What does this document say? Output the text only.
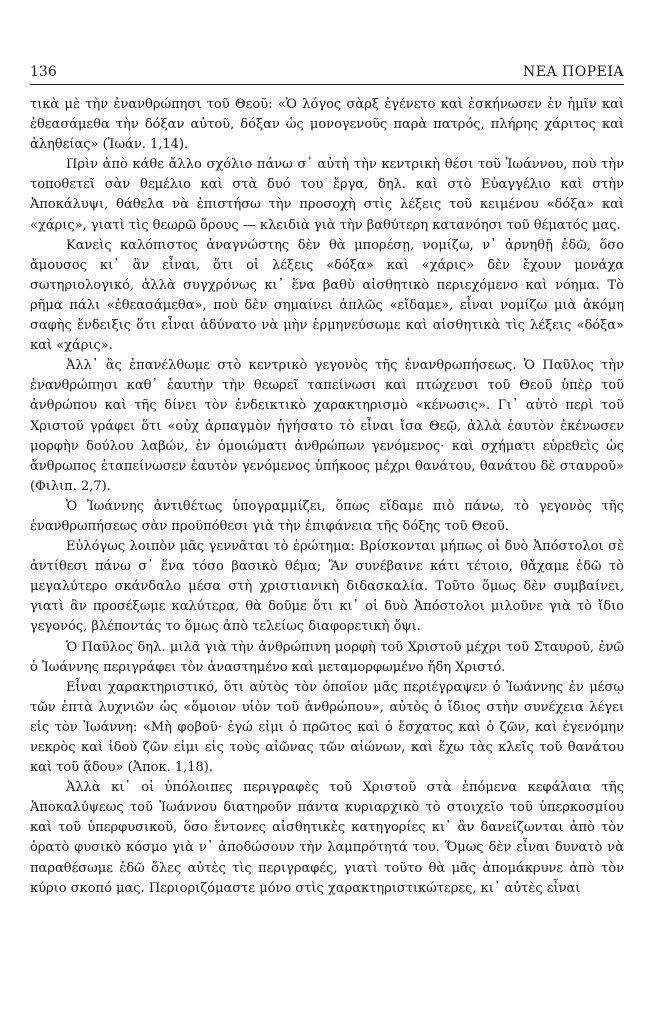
136	ΝΕΑ ΠΟΡΕΙΑ

τικὰ μὲ τὴν ἐνανθρώπησι τοῦ Θεοῦ: «Ὁ λόγος σὰρξ ἐγένετο καὶ ἐσκήνωσεν ἐν ἡμῖν καὶ ἐθεασάμεθα τὴν δόξαν αὐτοῦ, δόξαν ὡς μονογενοῦς παρὰ πατρός, πλήρης χάριτος καὶ ἀληθείας» (Ἰωάν. 1,14).

Πρὶν ἀπὸ κάθε ἄλλο σχόλιο πάνω σ᾽ αὐτὴ τὴν κεντρικὴ θέσι τοῦ Ἰωάννου, ποὺ τὴν τοποθετεῖ σὰν θεμέλιο καὶ στὰ δυό του ἔργα, δηλ. καὶ στὸ Εὐαγγέλιο καὶ στὴν Ἀποκάλυψι, θάθελα νὰ ἐπιστήσω τὴν προσοχὴ στὶς λέξεις τοῦ κειμένου «δόξα» καὶ «χάρις», γιατὶ τὶς θεωρῶ ὅρους — κλειδιὰ γιὰ τὴν βαθύτερη κατανόησι τοῦ θέματός μας.

Κανεὶς καλόπιστος ἀναγνώστης δὲν θὰ μπορέσῃ, νομίζω, ν᾽ ἀρνηθῇ ἐδῶ, ὅσο ἄμουσος κι᾽ ἂν εἶναι, ὅτι οἱ λέξεις «δόξα» καὶ «χάρις» δὲν ἔχουν μονάχα σωτηριολογικό, ἀλλὰ συγχρόνως κι᾽ ἕνα βαθὺ αἰσθητικὸ περιεχόμενο καὶ νόημα. Τὸ ρῆμα πάλι «ἐθεασάμεθα», ποὺ δὲν σημαίνει ἁπλῶς «εἴδαμε», εἶναι νομίζω μιὰ ἀκόμη σαφὴς ἔνδειξις ὅτι εἶναι ἀδύνατο νὰ μὴν ἑρμηνεύσωμε καὶ αἰσθητικὰ τὶς λέξεις «δόξα» καὶ «χάρις».

Ἀλλ᾽ ἂς ἐπανέλθωμε στὸ κεντρικὸ γεγονὸς τῆς ἐνανθρωπήσεως. Ὁ Παῦλος τὴν ἐνανθρώπησι καθ᾽ ἑαυτὴν τὴν θεωρεῖ ταπείνωσι καὶ πτώχευσι τοῦ Θεοῦ ὑπὲρ τοῦ ἀνθρώπου καὶ τῆς δίνει τὸν ἐνδεικτικὸ χαρακτηρισμὸ «κένωσις». Γι᾽ αὐτὸ περὶ τοῦ Χριστοῦ γράφει ὅτι «οὐχ ἁρπαγμὸν ἡγήσατο τὸ εἶναι ἴσα Θεῷ, ἀλλὰ ἑαυτὸν ἐκένωσεν μορφὴν δούλου λαβών, ἐν ὁμοιώματι ἀνθρώπων γενόμενος· καὶ σχήματι εὑρεθεὶς ὡς ἄνθρωπος ἐταπείνωσεν ἑαυτὸν γενόμενος ὑπήκοος μέχρι θανάτου, θανάτου δὲ σταυροῦ» (Φιλιπ. 2,7).

Ὁ Ἰωάννης ἀντιθέτως ὑπογραμμίζει, ὅπως εἴδαμε πιὸ πάνω, τὸ γεγονὸς τῆς ἐνανθρωπήσεως σὰν προϋπόθεσι γιὰ τὴν ἐπιφάνεια τῆς δόξης τοῦ Θεοῦ.

Εὐλόγως λοιπὸν μᾶς γεννᾶται τὸ ἐρώτημα: Βρίσκονται μήπως οἱ δυὸ Ἀπόστολοι σὲ ἀντίθεσι πάνω σ᾽ ἕνα τόσο βασικὸ θέμα; Ἂν συνέβαινε κάτι τέτοιο, θἄχαμε ἐδῶ τὸ μεγαλύτερο σκάνδαλο μέσα στὴ χριστιανικὴ διδασκαλία. Τοῦτο ὅμως δὲν συμβαίνει, γιατὶ ἂν προσέξωμε καλύτερα, θὰ δοῦμε ὅτι κι᾽ οἱ δυὸ Ἀπόστολοι μιλοῦνε γιὰ τὸ ἴδιο γεγονός, βλέποντάς το ὅμως ἀπὸ τελείως διαφορετικὴ ὄψι.

Ὁ Παῦλος δηλ. μιλᾶ γιὰ τὴν ἀνθρώπινη μορφὴ τοῦ Χριστοῦ μέχρι τοῦ Σταυροῦ, ἐνῶ ὁ Ἰωάννης περιγράφει τὸν ἀναστημένο καὶ μεταμορφωμένο ἤδη Χριστό.

Εἶναι χαρακτηριστικό, ὅτι αὐτὸς τὸν ὁποῖον μᾶς περιέγραψεν ὁ Ἰωάννης ἐν μέσῳ τῶν ἑπτὰ λυχνιῶν ὡς «ὅμοιον υἱὸν τοῦ ἀνθρώπου», αὐτὸς ὁ ἴδιος στὴν συνέχεια λέγει εἰς τὸν Ἰωάννη: «Μὴ φοβοῦ· ἐγώ εἰμι ὁ πρῶτος καὶ ὁ ἔσχατος καὶ ὁ ζῶν, καὶ ἐγενόμην νεκρὸς καὶ ἰδοὺ ζῶν εἰμι εἰς τοὺς αἰῶνας τῶν αἰώνων, καὶ ἔχω τὰς κλεῖς τοῦ θανάτου καὶ τοῦ ᾅδου» (Ἀποκ. 1,18).

Ἀλλὰ κι᾽ οἱ ὑπόλοιπες περιγραφὲς τοῦ Χριστοῦ στὰ ἑπόμενα κεφάλαια τῆς Ἀποκαλύψεως τοῦ Ἰωάννου διατηροῦν πάντα κυριαρχικὸ τὸ στοιχεῖο τοῦ ὑπερκοσμίου καὶ τοῦ ὑπερφυσικοῦ, ὅσο ἔντονες αἰσθητικὲς κατηγορίες κι᾽ ἂν δανείζωνται ἀπὸ τὸν ὁρατὸ φυσικὸ κόσμο γιὰ ν᾽ ἀποδώσουν τὴν λαμπρότητά του. Ὅμως δὲν εἶναι δυνατὸ νὰ παραθέσωμε ἐδῶ ὅλες αὐτὲς τὶς περιγραφές, γιατὶ τοῦτο θὰ μᾶς ἀπομάκρυνε ἀπὸ τὸν κύριο σκοπό μας. Περιοριζόμαστε μόνο στὶς χαρακτηριστικώτερες, κι᾽ αὐτὲς εἶναι
